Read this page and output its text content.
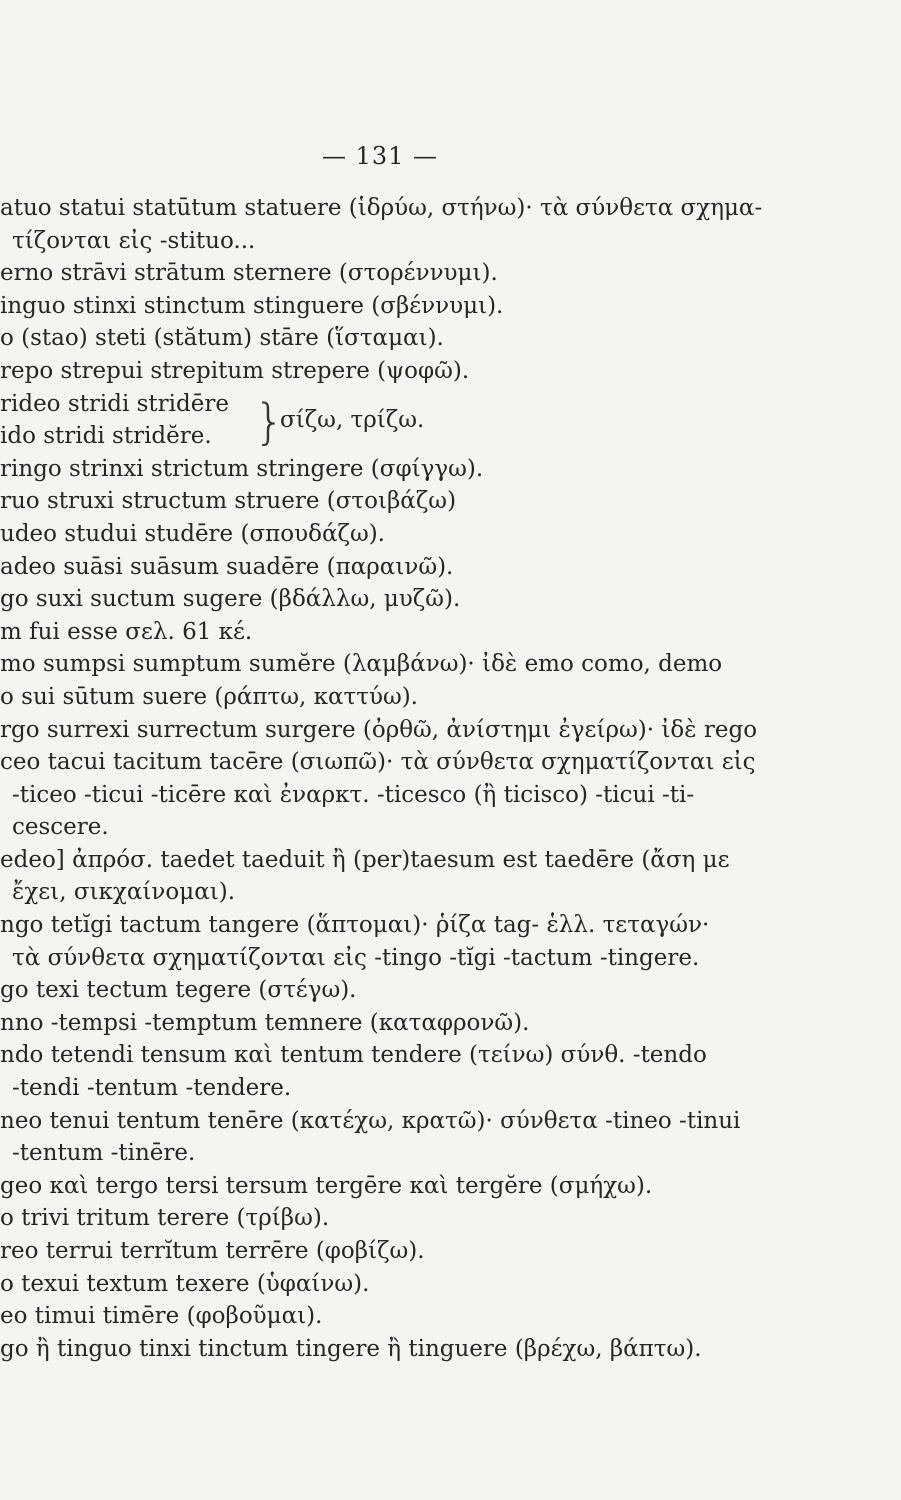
— 131 —
atuo statui statūtum statuere (ἱδρύω, στήνω)· τὰ σύνθετα σχημα-
τίζονται εἰς -stituo...
erno strāvi strātum sternere (στορέννυμι).
inguo stinxi stinctum stinguere (σβέννυμι).
o (stao) steti (stătum) stāre (ἵσταμαι).
repo strepui strepitum strepere (ψοφῶ).
rideo stridi stridēre
ido stridi stridĕre. }
σίζω, τρίζω.
ringo strinxi strictum stringere (σφίγγω).
ruo struxi structum struere (στοιβάζω)
udeo studui studēre (σπουδάζω).
adeo suāsi suāsum suadēre (παραινῶ).
go suxi suctum sugere (βδάλλω, μυζῶ).
m fui esse σελ. 61 κέ.
mo sumpsi sumptum sumĕre (λαμβάνω)· ἰδὲ emo como, demo
o sui sūtum suere (ράπτω, καττύω).
rgo surrexi surrectum surgere (ὀρθῶ, ἀνίστημι ἐγείρω)· ἰδὲ rego
ceo tacui tacitum tacēre (σιωπῶ)· τὰ σύνθετα σχηματίζονται εἰς
-ticeo -ticui -ticēre καὶ ἐναρκτ. -ticesco (ἢ ticisco) -ticui -ti-
cescere.
edeo] ἀπρόσ. taedet taeduit ἢ (per)taesum est taedēre (ἄση με
ἔχει, σικχαίνομαι).
ngo tetĭgi tactum tangere (ἅπτομαι)· ῥίζα tag- ἑλλ. τεταγών·
τὰ σύνθετα σχηματίζονται εἰς -tingo -tĭgi -tactum -tingere.
go texi tectum tegere (στέγω).
nno -tempsi -temptum temnere (καταφρονῶ).
ndo tetendi tensum καὶ tentum tendere (τείνω) σύνθ. -tendo
-tendi -tentum -tendere.
neo tenui tentum tenēre (κατέχω, κρατῶ)· σύνθετα -tineo -tinui
-tentum -tinēre.
geo καὶ tergo tersi tersum tergēre καὶ tergĕre (σμήχω).
o trivi tritum terere (τρίβω).
reo terrui terrĭtum terrēre (φοβίζω).
o texui textum texere (ὑφαίνω).
eo timui timēre (φοβοῦμαι).
go ἢ tinguo tinxi tinctum tingere ἢ tinguere (βρέχω, βάπτω).
